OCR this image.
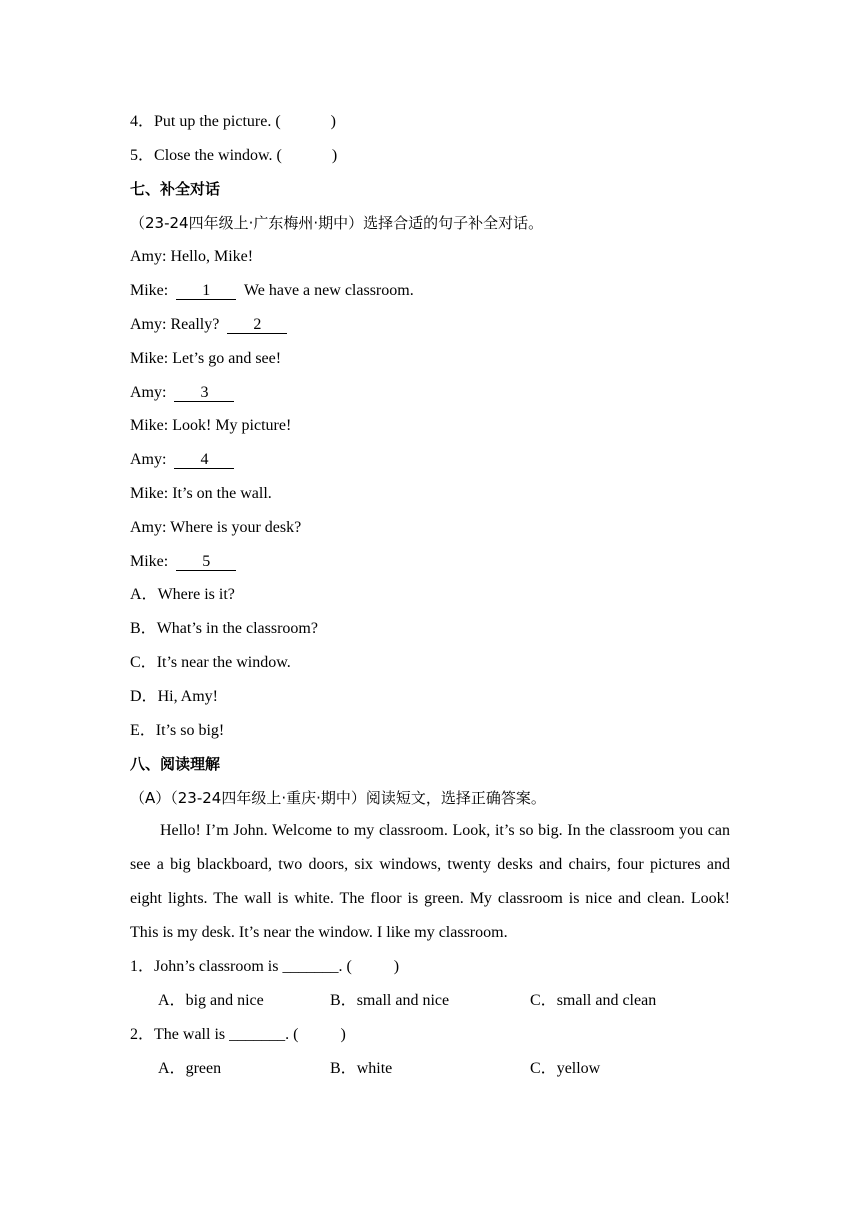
4．Put up the picture. (	)
5．Close the window. (	)
七、补全对话
（23-24四年级上·广东梅州·期中）选择合适的句子补全对话。
Amy: Hello, Mike!
Mike:  1  We have a new classroom.
Amy: Really?  2
Mike: Let’s go and see!
Amy:  3
Mike: Look! My picture!
Amy:  4
Mike: It’s on the wall.
Amy: Where is your desk?
Mike:  5
A．Where is it?
B．What’s in the classroom?
C．It’s near the window.
D．Hi, Amy!
E．It’s so big!
八、阅读理解
（A）（23-24四年级上·重庆·期中）阅读短文，选择正确答案。
Hello! I’m John. Welcome to my classroom. Look, it’s so big. In the classroom you can see a big blackboard, two doors, six windows, twenty desks and chairs, four pictures and eight lights. The wall is white. The floor is green. My classroom is nice and clean. Look! This is my desk. It’s near the window. I like my classroom.
1．John’s classroom is _______. (	)
A．big and nice	B．small and nice	C．small and clean
2．The wall is _______. (	)
A．green	B．white	C．yellow
